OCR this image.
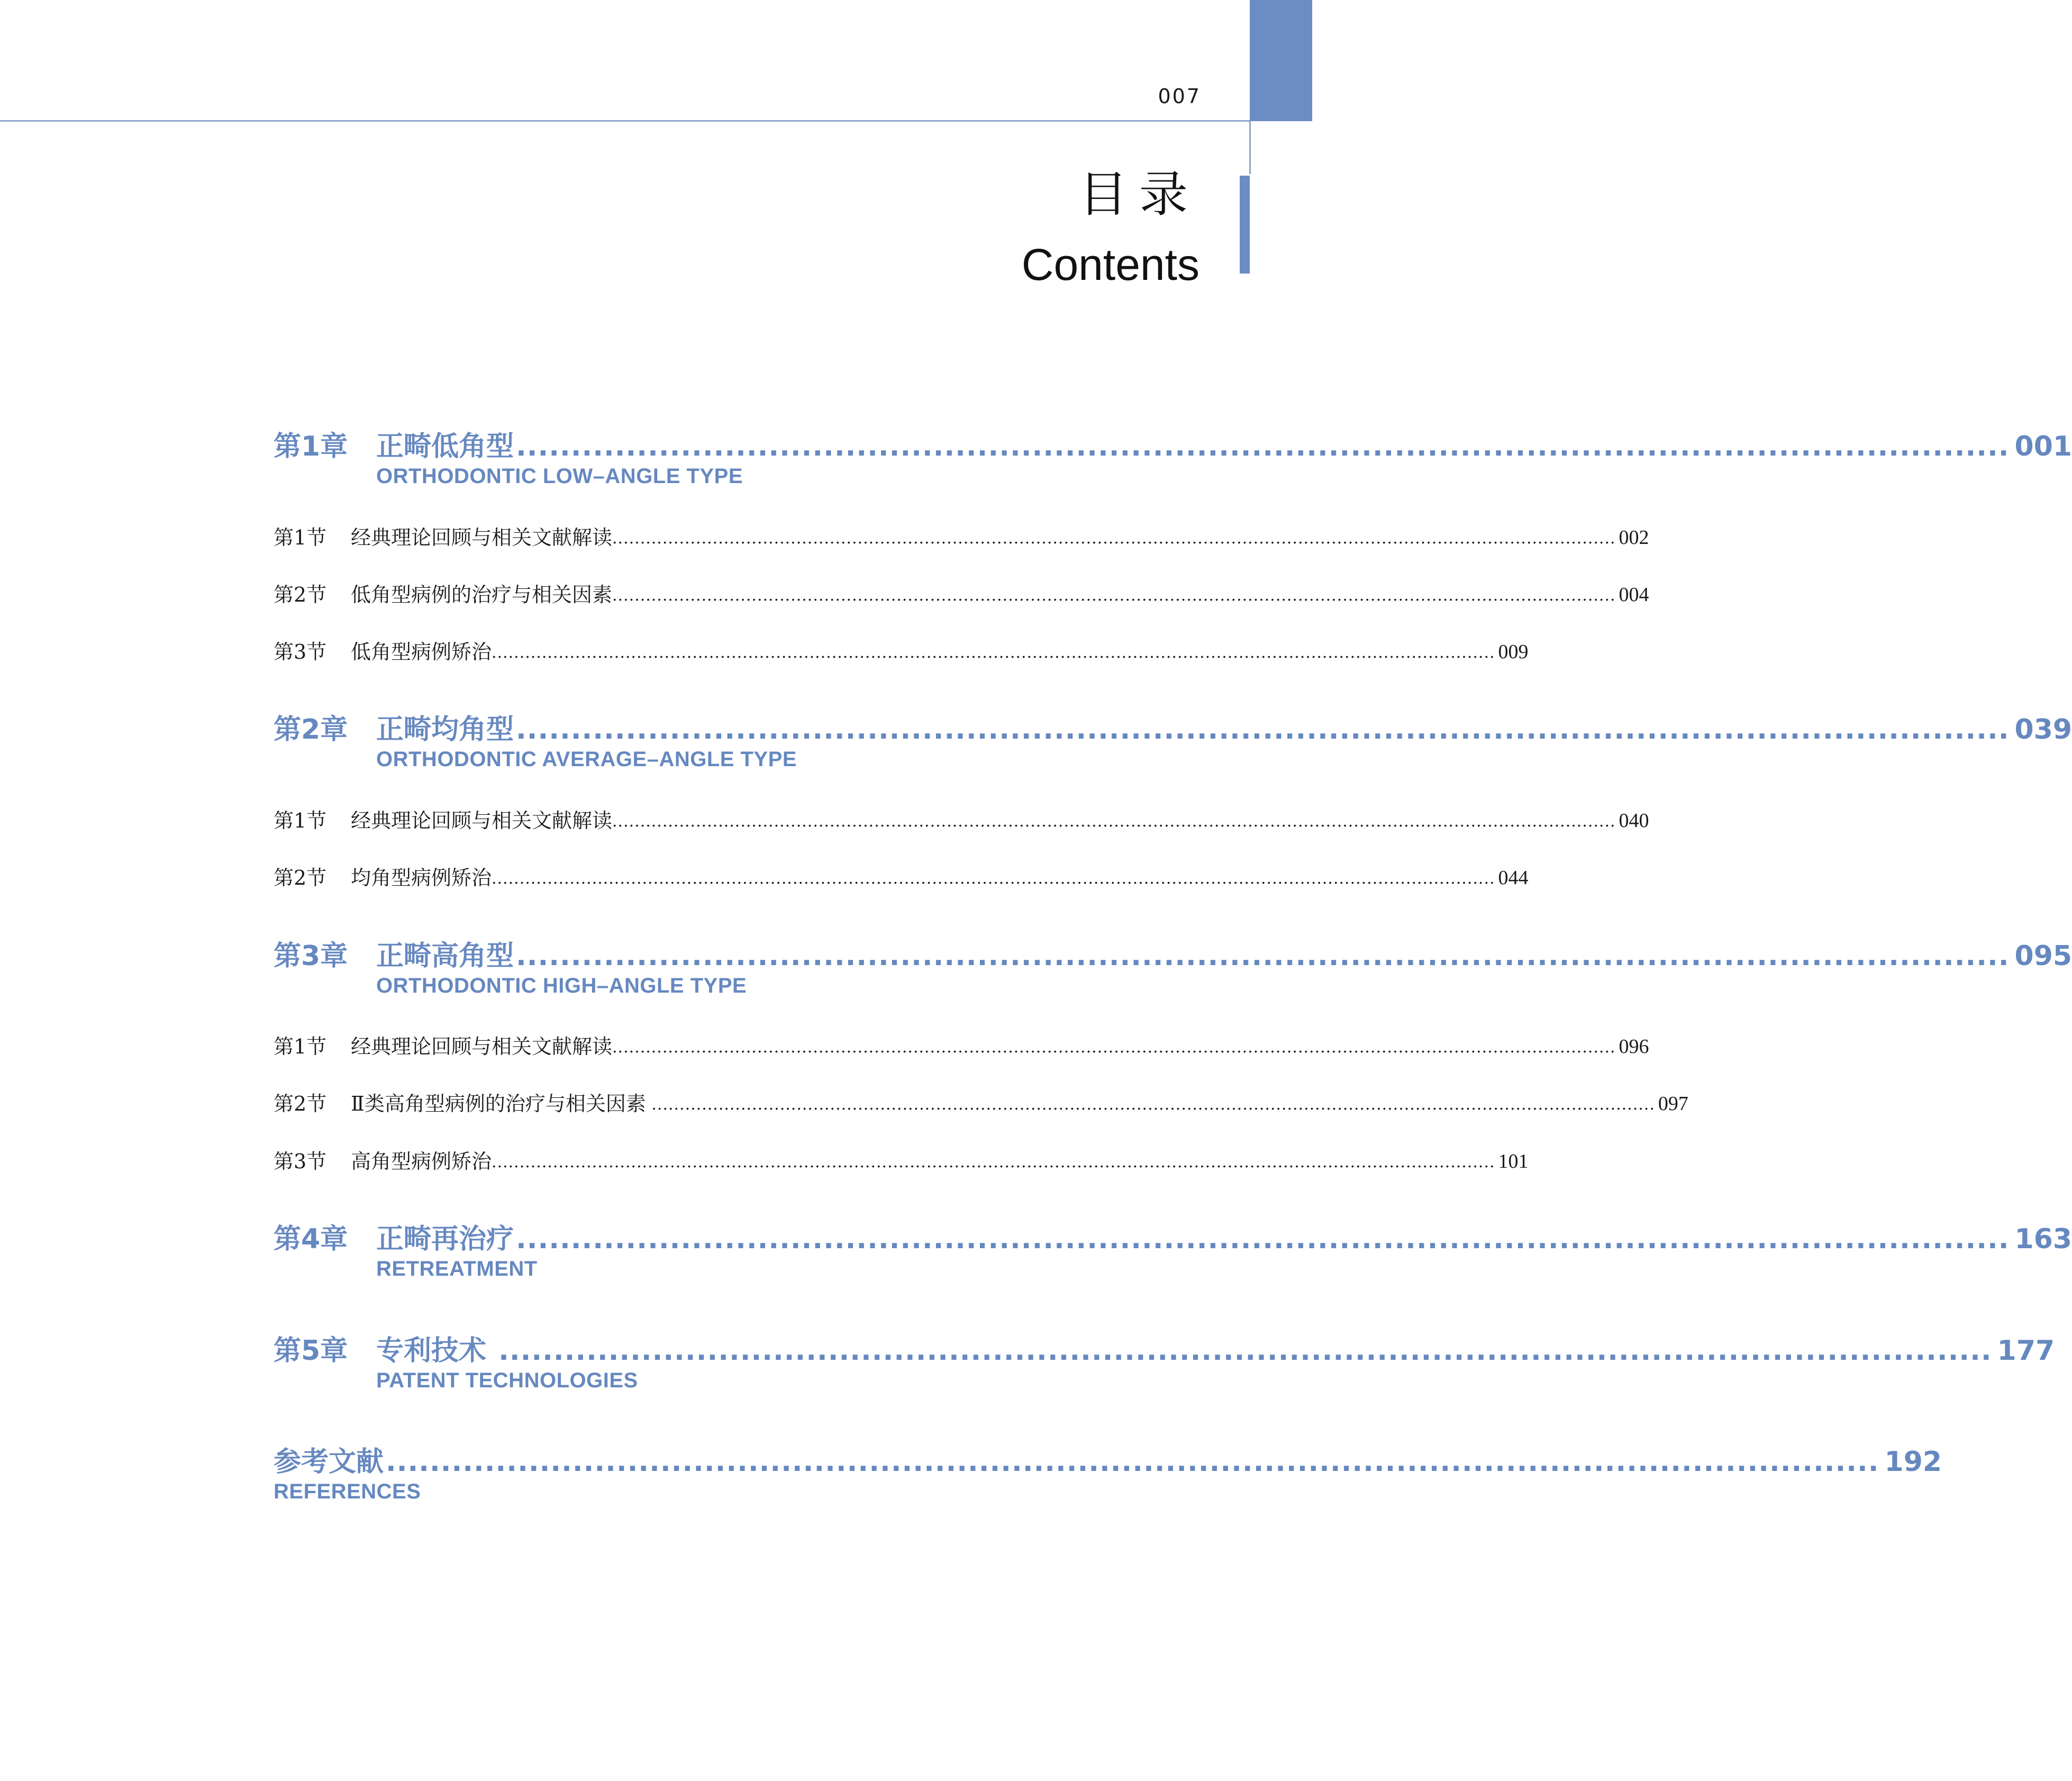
007
目录
Contents
第1章	正畸低角型 ........................................................................................................................................ 001
ORTHODONTIC LOW–ANGLE TYPE
第1节	经典理论回顾与相关文献解读 .................................................................................................................................................................................... 002
第2节	低角型病例的治疗与相关因素 .................................................................................................................................................................................... 004
第3节	低角型病例矫治 .................................................................................................................................................................................... 009
第2章	正畸均角型 ........................................................................................................................................ 039
ORTHODONTIC AVERAGE–ANGLE TYPE
第1节	经典理论回顾与相关文献解读 .................................................................................................................................................................................... 040
第2节	均角型病例矫治 .................................................................................................................................................................................... 044
第3章	正畸高角型 ........................................................................................................................................ 095
ORTHODONTIC HIGH–ANGLE TYPE
第1节	经典理论回顾与相关文献解读 .................................................................................................................................................................................... 096
第2节	Ⅱ类高角型病例的治疗与相关因素 .................................................................................................................................................................................... 097
第3节	高角型病例矫治 .................................................................................................................................................................................... 101
第4章	正畸再治疗 ........................................................................................................................................ 163
RETREATMENT
第5章	专利技术 ........................................................................................................................................ 177
PATENT TECHNOLOGIES
参考文献 ........................................................................................................................................ 192
REFERENCES
